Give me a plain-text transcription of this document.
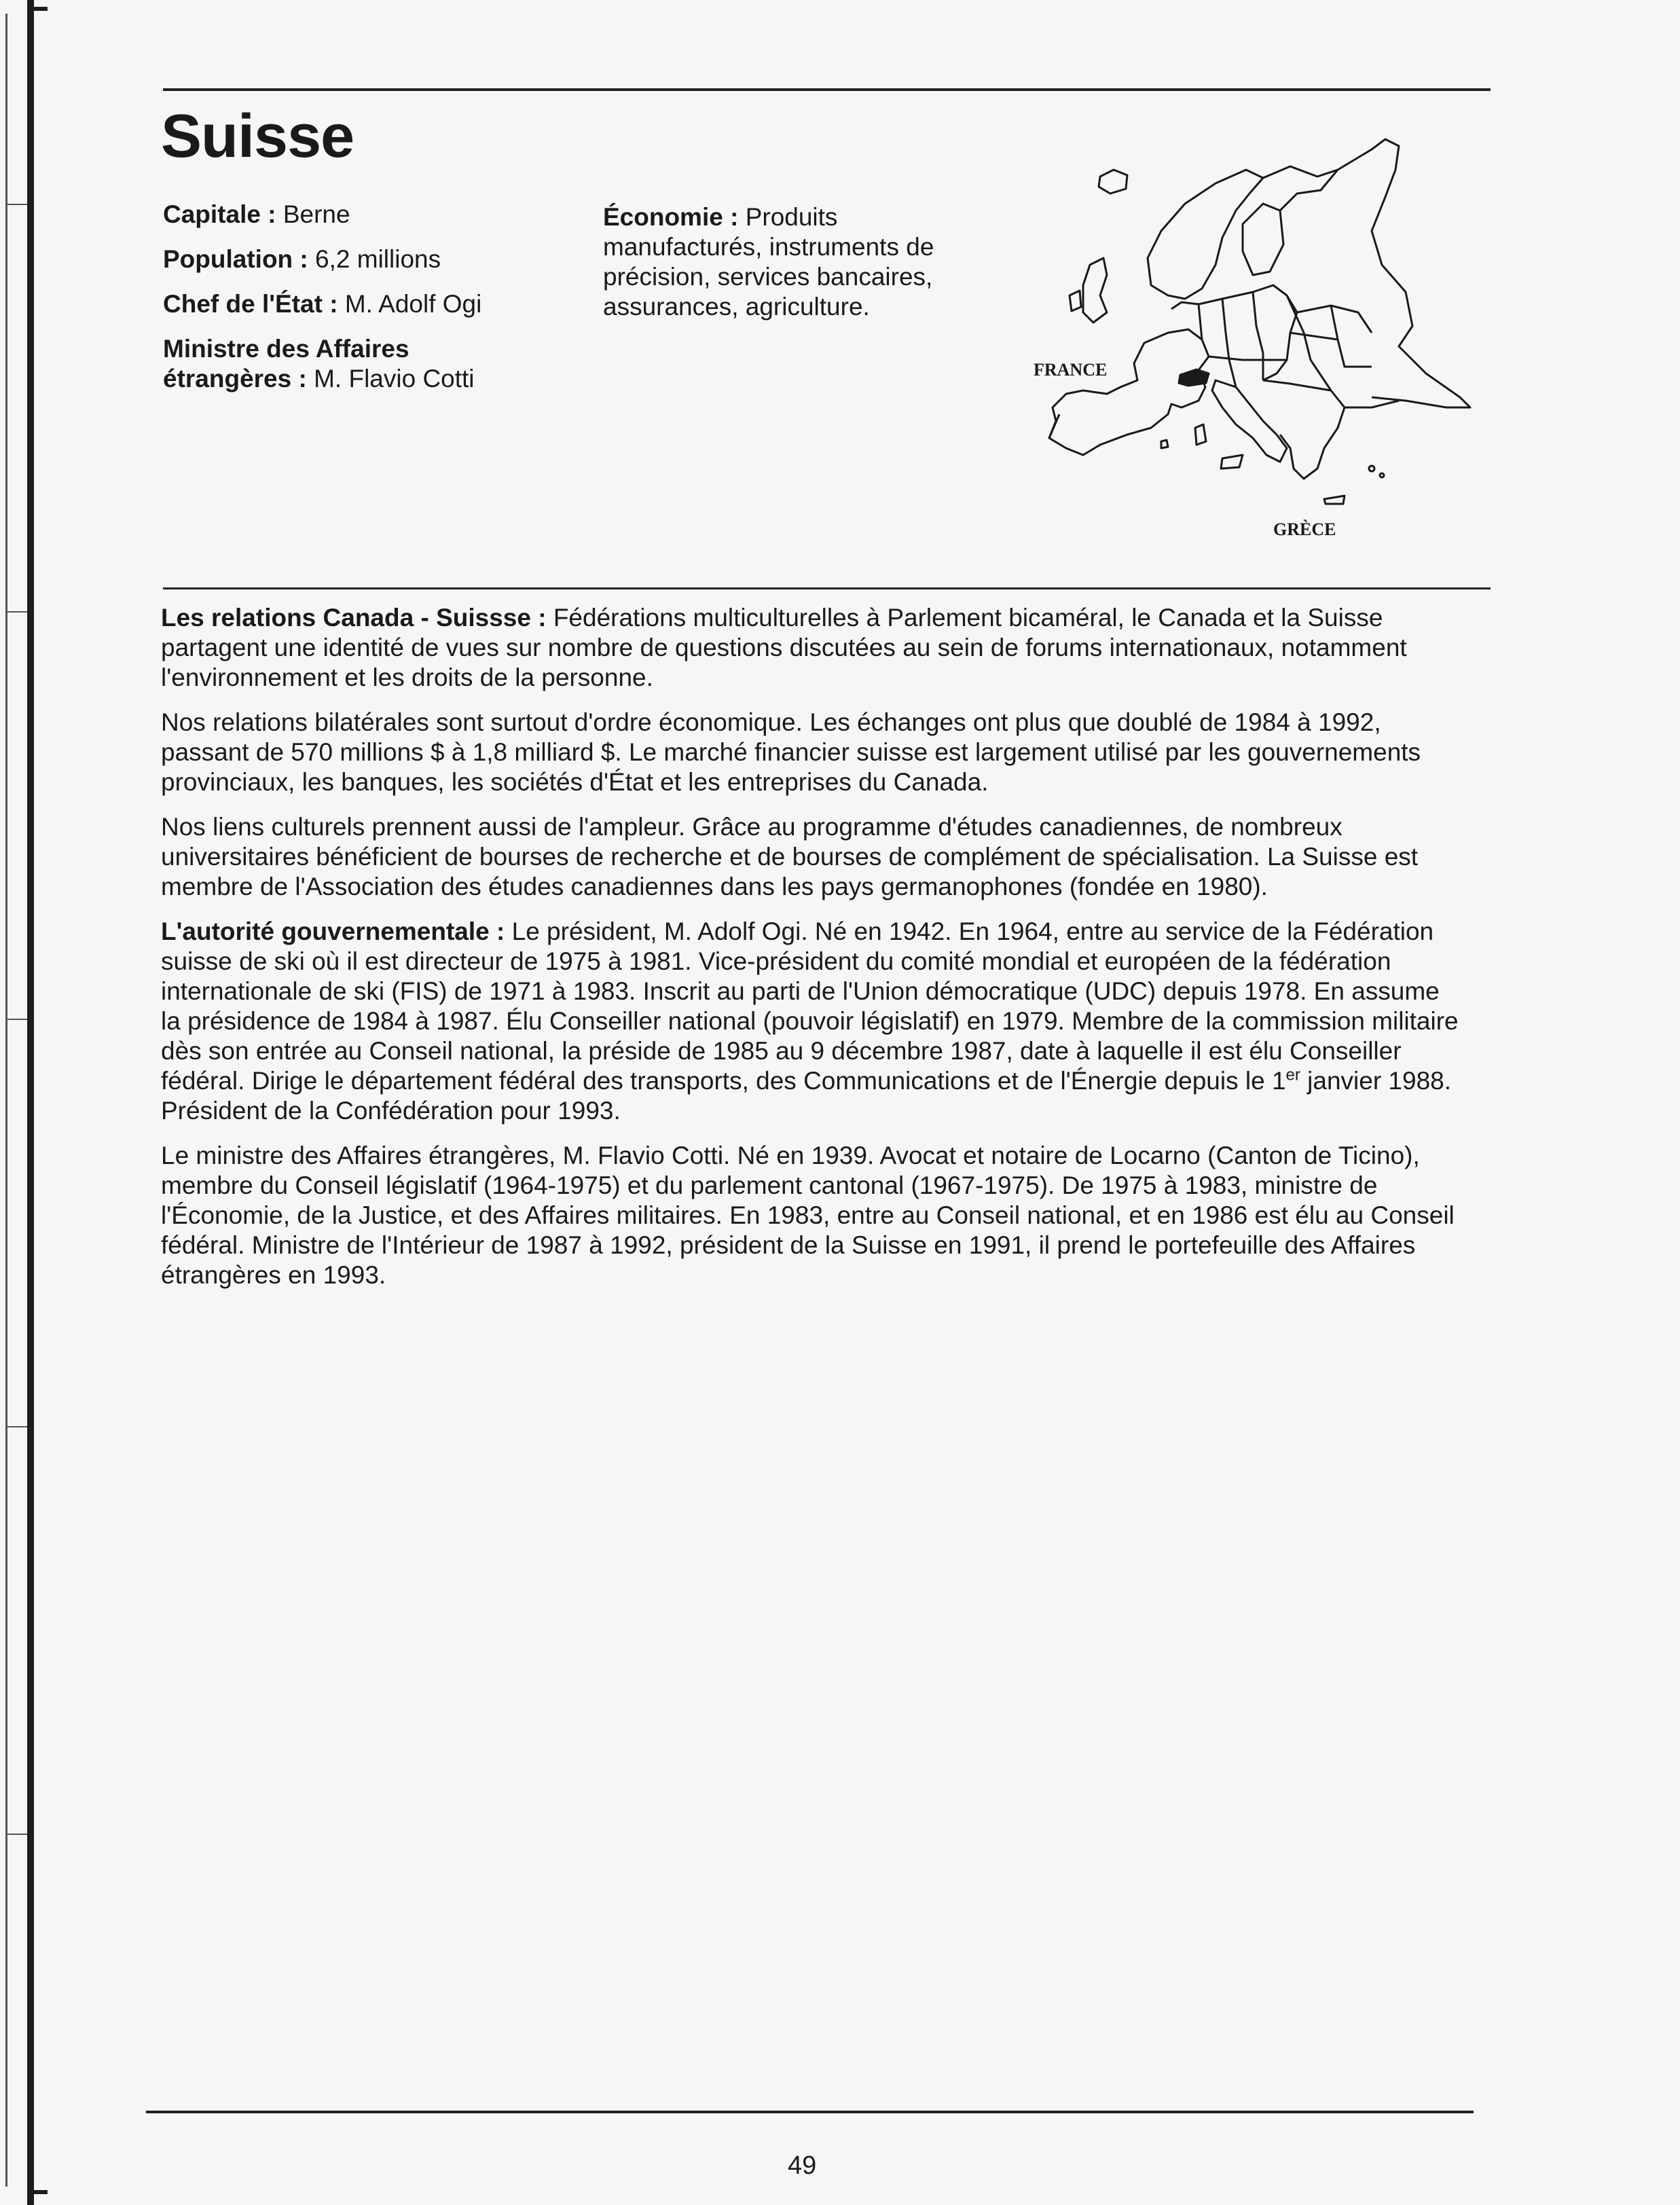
Suisse
Capitale : Berne
Population : 6,2 millions
Chef de l'État : M. Adolf Ogi
Ministre des Affaires
étrangères : M. Flavio Cotti
Économie : Produits manufacturés, instruments de précision, services bancaires, assurances, agriculture.
FRANCE
GRÈCE

Les relations Canada - Suissse : Fédérations multiculturelles à Parlement bicaméral, le Canada et la Suisse partagent une identité de vues sur nombre de questions discutées au sein de forums internationaux, notamment l'environnement et les droits de la personne.

Nos relations bilatérales sont surtout d'ordre économique. Les échanges ont plus que doublé de 1984 à 1992, passant de 570 millions $ à 1,8 milliard $. Le marché financier suisse est largement utilisé par les gouvernements provinciaux, les banques, les sociétés d'État et les entreprises du Canada.

Nos liens culturels prennent aussi de l'ampleur. Grâce au programme d'études canadiennes, de nombreux universitaires bénéficient de bourses de recherche et de bourses de complément de spécialisation. La Suisse est membre de l'Association des études canadiennes dans les pays germanophones (fondée en 1980).

L'autorité gouvernementale : Le président, M. Adolf Ogi. Né en 1942. En 1964, entre au service de la Fédération suisse de ski où il est directeur de 1975 à 1981. Vice-président du comité mondial et européen de la fédération internationale de ski (FIS) de 1971 à 1983. Inscrit au parti de l'Union démocratique (UDC) depuis 1978. En assume la présidence de 1984 à 1987. Élu Conseiller national (pouvoir législatif) en 1979. Membre de la commission militaire dès son entrée au Conseil national, la préside de 1985 au 9 décembre 1987, date à laquelle il est élu Conseiller fédéral. Dirige le département fédéral des transports, des Communications et de l'Énergie depuis le 1er janvier 1988. Président de la Confédération pour 1993.

Le ministre des Affaires étrangères, M. Flavio Cotti. Né en 1939. Avocat et notaire de Locarno (Canton de Ticino), membre du Conseil législatif (1964-1975) et du parlement cantonal (1967-1975). De 1975 à 1983, ministre de l'Économie, de la Justice, et des Affaires militaires. En 1983, entre au Conseil national, et en 1986 est élu au Conseil fédéral. Ministre de l'Intérieur de 1987 à 1992, président de la Suisse en 1991, il prend le portefeuille des Affaires étrangères en 1993.

49
